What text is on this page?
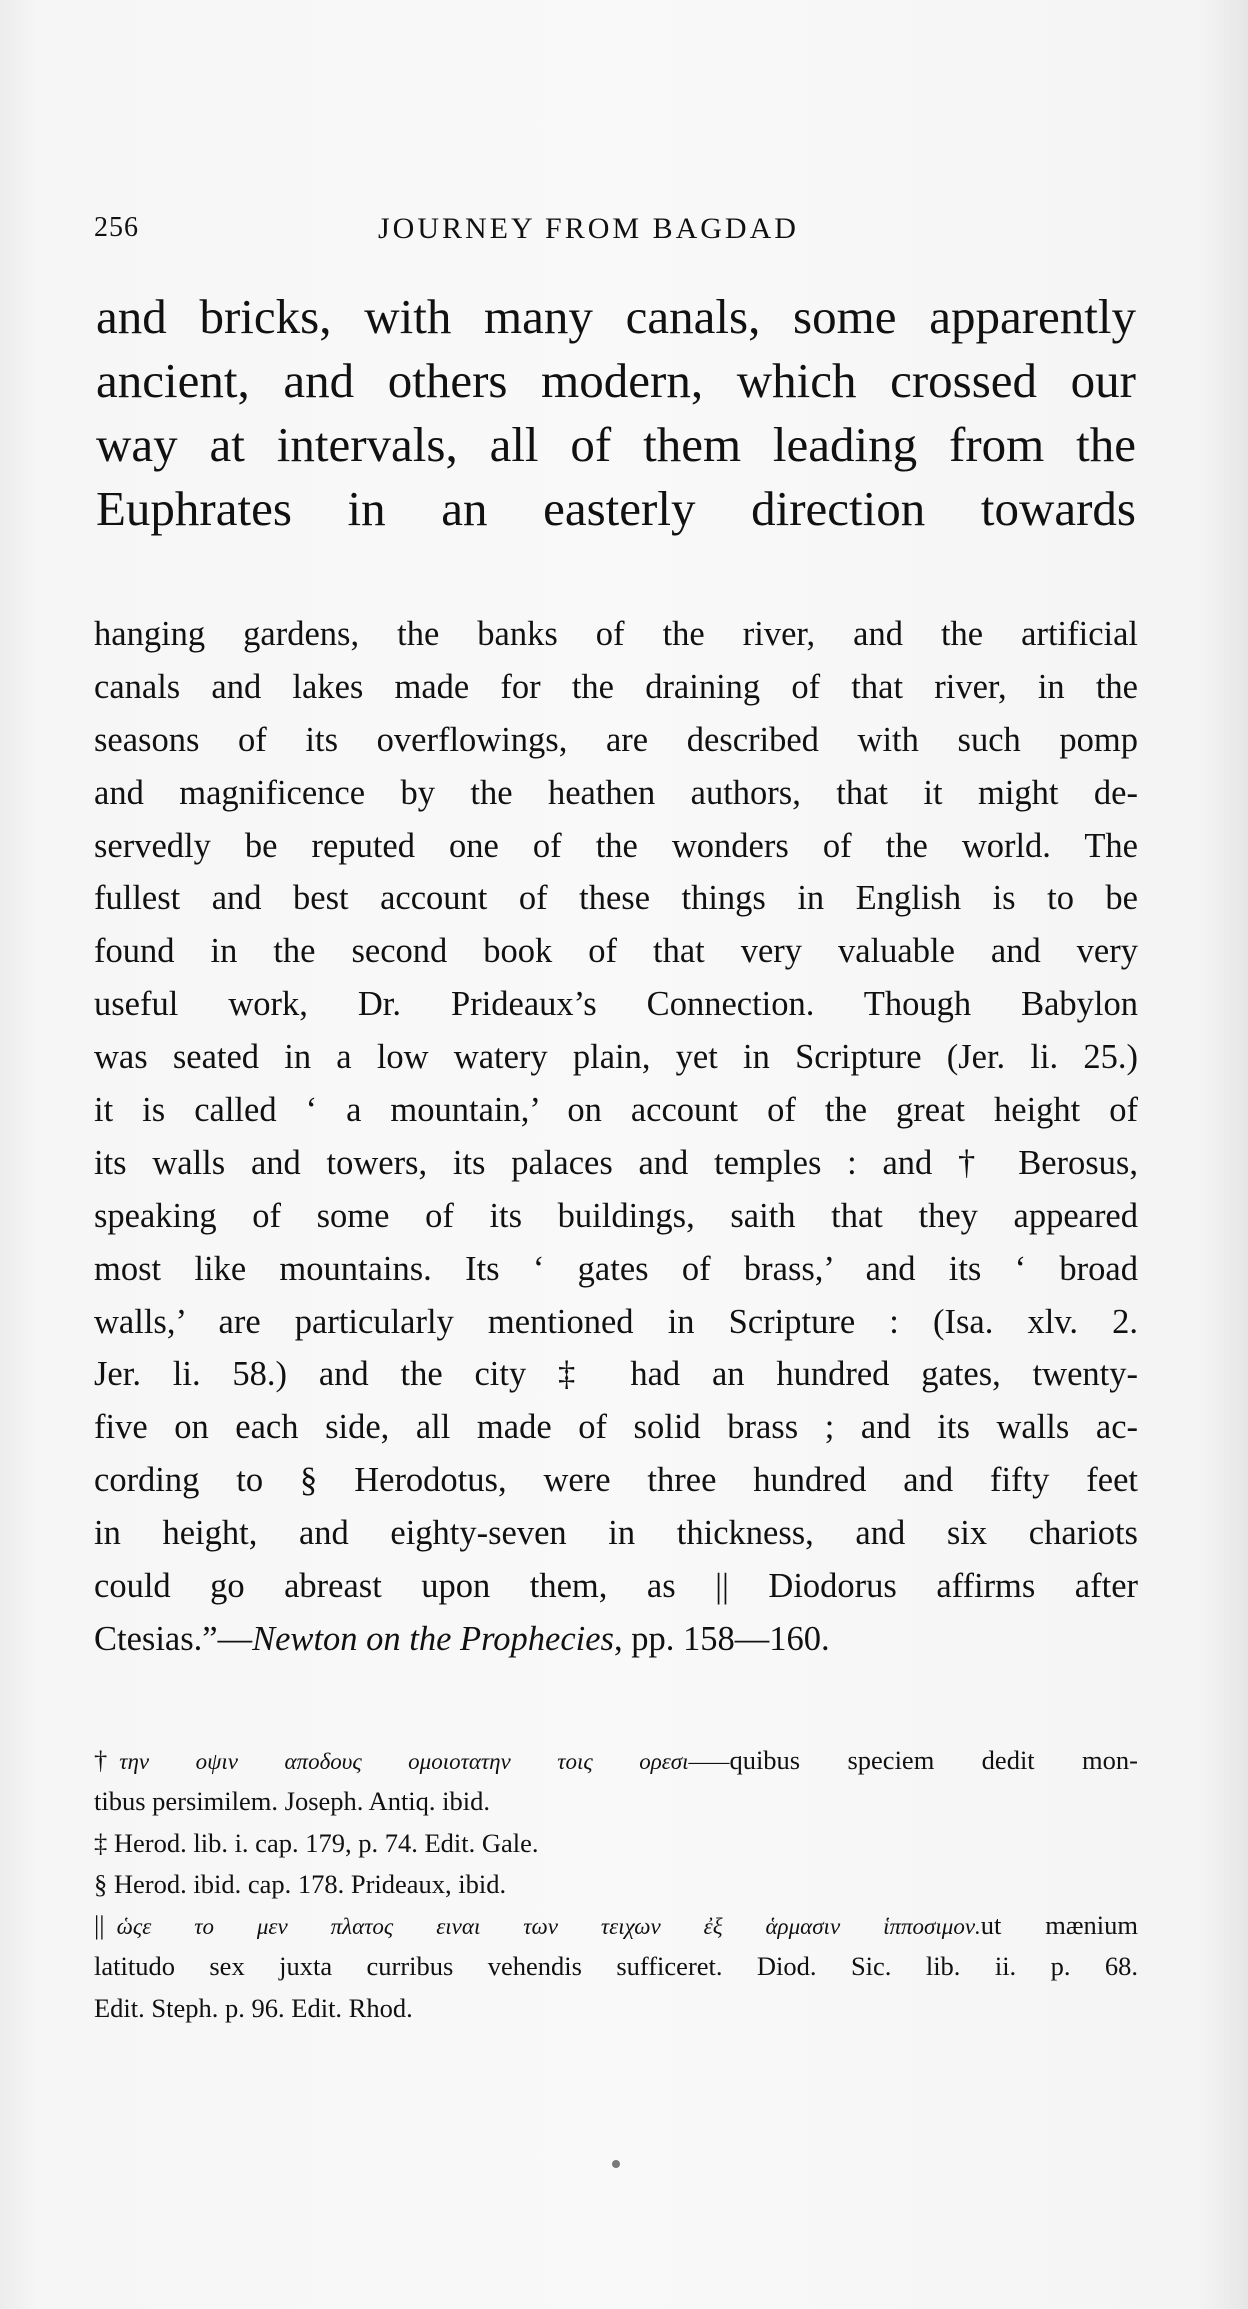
256	JOURNEY FROM BAGDAD
and bricks, with many canals, some apparently
ancient, and others modern, which crossed our
way at intervals, all of them leading from the
Euphrates in an easterly direction towards
hanging gardens, the banks of the river, and the artificial
canals and lakes made for the draining of that river, in the
seasons of its overflowings, are described with such pomp
and magnificence by the heathen authors, that it might de-
servedly be reputed one of the wonders of the world. The
fullest and best account of these things in English is to be
found in the second book of that very valuable and very
useful work, Dr. Prideaux’s Connection. Though Babylon
was seated in a low watery plain, yet in Scripture (Jer. li. 25.)
it is called ‘ a mountain,’ on account of the great height of
its walls and towers, its palaces and temples : and † Berosus,
speaking of some of its buildings, saith that they appeared
most like mountains. Its ‘ gates of brass,’ and its ‘ broad
walls,’ are particularly mentioned in Scripture : (Isa. xlv. 2.
Jer. li. 58.) and the city ‡ had an hundred gates, twenty-
five on each side, all made of solid brass ; and its walls ac-
cording to § Herodotus, were three hundred and fifty feet
in height, and eighty-seven in thickness, and six chariots
could go abreast upon them, as || Diodorus affirms after
Ctesias.”—Newton on the Prophecies, pp. 158—160.
† την οψιν αποδους ομοιοτατην τοις ορεσι——quibus speciem dedit mon-
tibus persimilem. Joseph. Antiq. ibid.
‡ Herod. lib. i. cap. 179, p. 74. Edit. Gale.
§ Herod. ibid. cap. 178. Prideaux, ibid.
|| ὡςε το μεν πλατος ειναι των τειχων ἐξ ἁρμασιν ἱπποσιμον.ut mænium
latitudo sex juxta curribus vehendis sufficeret. Diod. Sic. lib. ii. p. 68.
Edit. Steph. p. 96. Edit. Rhod.
